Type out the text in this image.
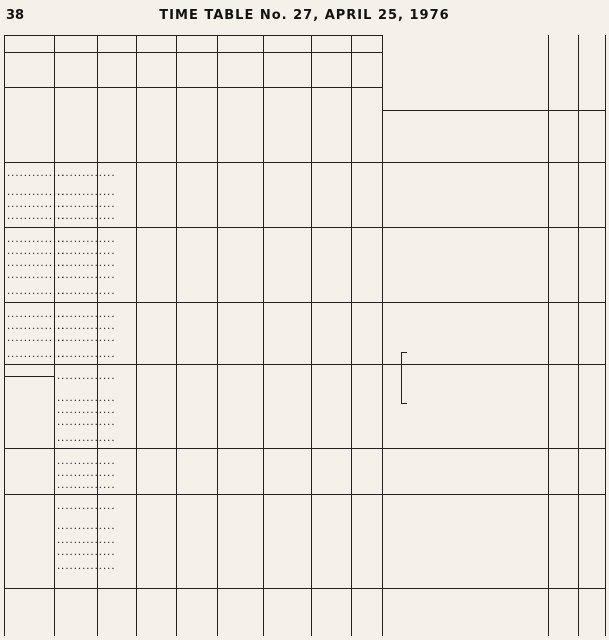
38	TIME TABLE No. 27, APRIL 25, 1976
..............
..............
..............
..............
..............
..............
..............
..............
..............
..............
..............
..............
..............
..............
..............
..............
..............
..............
..............
..............
..............
..............
..............
..............
..............
..............
..............
..............
..............
..............
..............
..............
..............
..............
..............
..............
..............
..............
..............
